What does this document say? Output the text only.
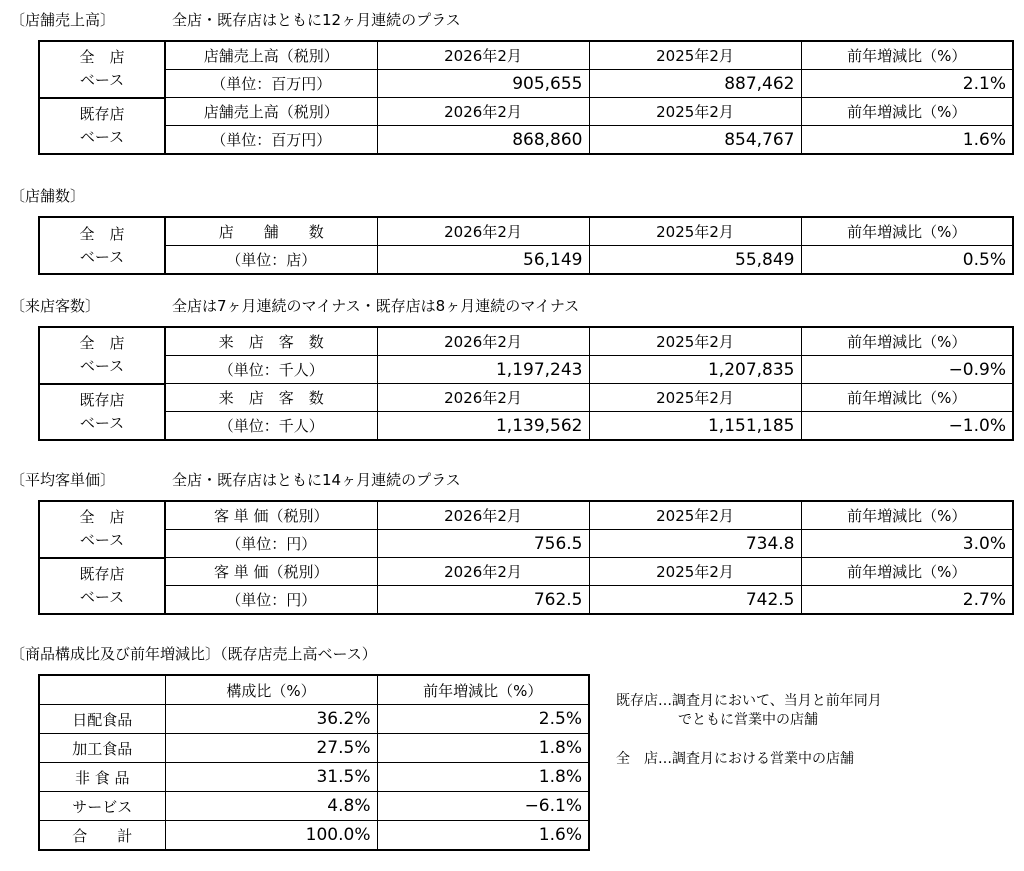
〔店舗売上高〕	全店・既存店はともに12ヶ月連続のプラス
全　店
ベース	店舗売上高（税別）	2026年2月	2025年2月	前年増減比（%）
	（単位：百万円）	905,655	887,462	2.1%
既存店
ベース	店舗売上高（税別）	2026年2月	2025年2月	前年増減比（%）
	（単位：百万円）	868,860	854,767	1.6%
〔店舗数〕
全　店
ベース	店　　舗　　数	2026年2月	2025年2月	前年増減比（%）
	（単位：店）	56,149	55,849	0.5%
〔来店客数〕	全店は7ヶ月連続のマイナス・既存店は8ヶ月連続のマイナス
全　店
ベース	来　店　客　数	2026年2月	2025年2月	前年増減比（%）
	（単位：千人）	1,197,243	1,207,835	−0.9%
既存店
ベース	来　店　客　数	2026年2月	2025年2月	前年増減比（%）
	（単位：千人）	1,139,562	1,151,185	−1.0%
〔平均客単価〕	全店・既存店はともに14ヶ月連続のプラス
全　店
ベース	客 単 価（税別）	2026年2月	2025年2月	前年増減比（%）
	（単位：円）	756.5	734.8	3.0%
既存店
ベース	客 単 価（税別）	2026年2月	2025年2月	前年増減比（%）
	（単位：円）	762.5	742.5	2.7%
〔商品構成比及び前年増減比〕（既存店売上高ベース）
	構成比（%）	前年増減比（%）
日配食品	36.2%	2.5%
加工食品	27.5%	1.8%
非 食 品	31.5%	1.8%
サービス	4.8%	−6.1%
合　　計	100.0%	1.6%
既存店…調査月において、当月と前年同月
でともに営業中の店舗
全　店…調査月における営業中の店舗
